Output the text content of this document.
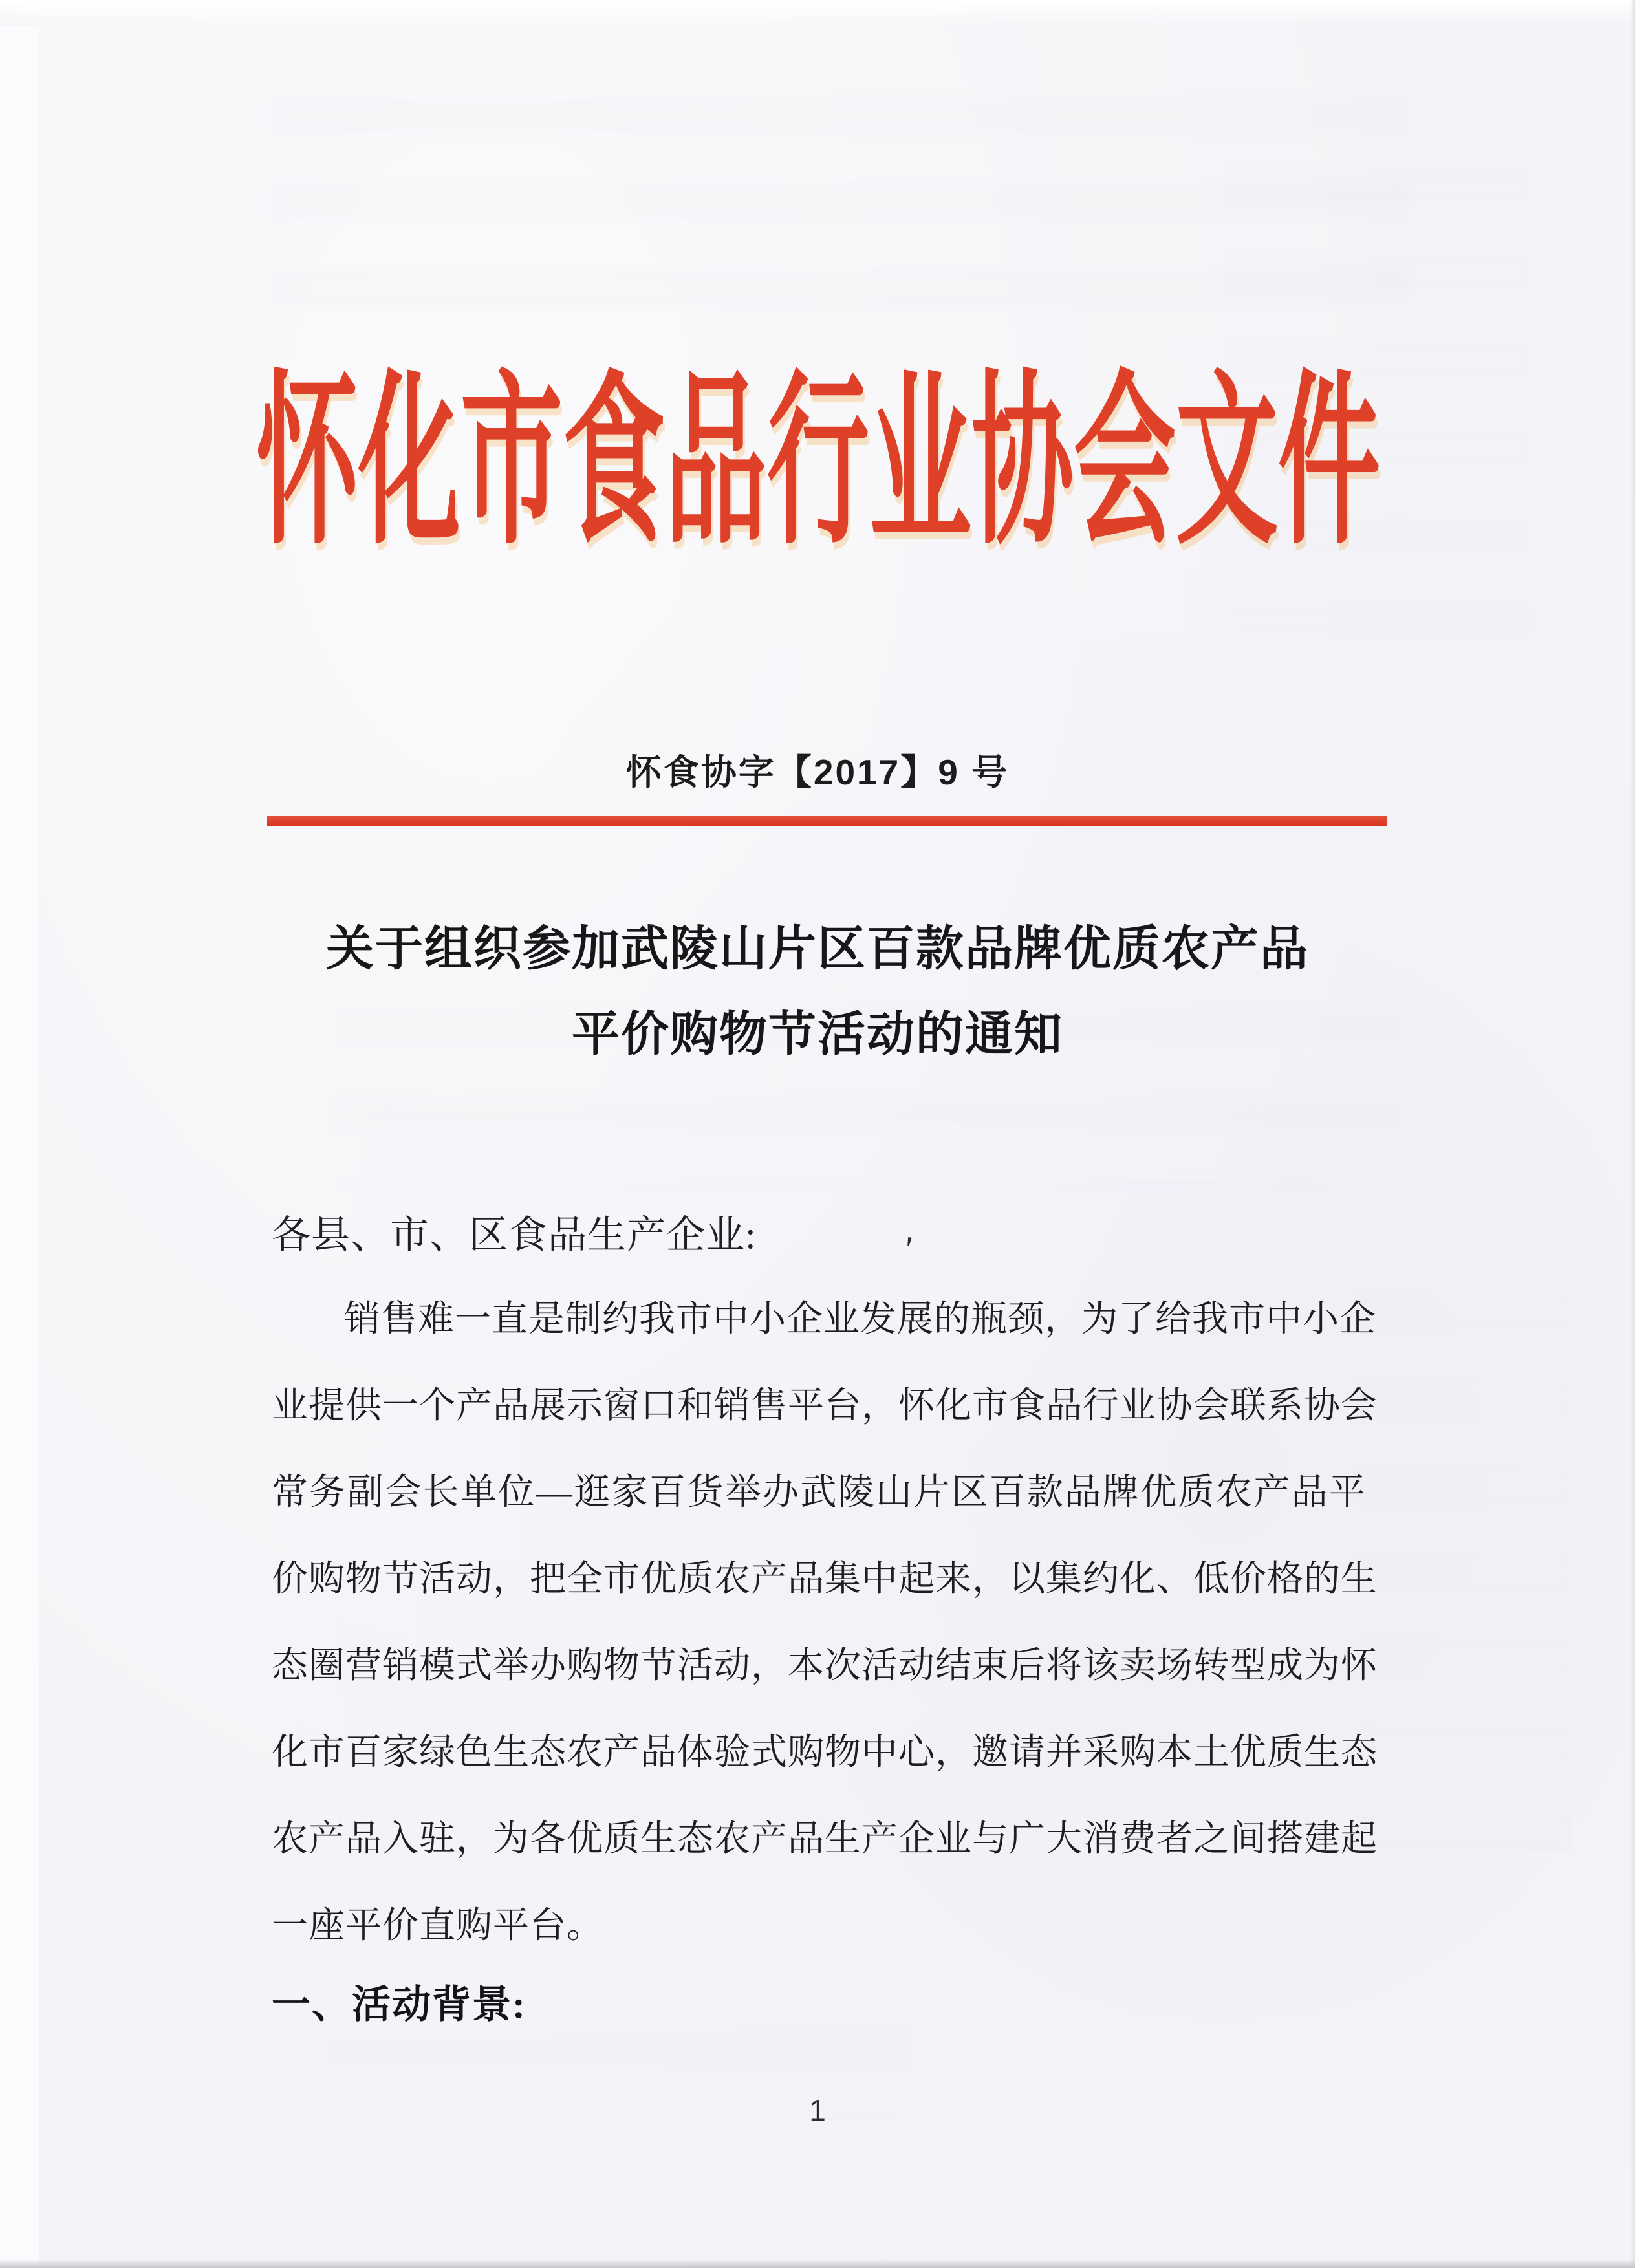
怀化市食品行业协会文件
怀食协字【2017】9 号
关于组织参加武陵山片区百款品牌优质农产品
平价购物节活动的通知
各县、市、区食品生产企业:	'
销售难一直是制约我市中小企业发展的瓶颈，为了给我市中小企
业提供一个产品展示窗口和销售平台，怀化市食品行业协会联系协会
常务副会长单位—逛家百货举办武陵山片区百款品牌优质农产品平
价购物节活动，把全市优质农产品集中起来，以集约化、低价格的生
态圈营销模式举办购物节活动，本次活动结束后将该卖场转型成为怀
化市百家绿色生态农产品体验式购物中心，邀请并采购本土优质生态
农产品入驻，为各优质生态农产品生产企业与广大消费者之间搭建起
一座平价直购平台。
一、活动背景:
1
